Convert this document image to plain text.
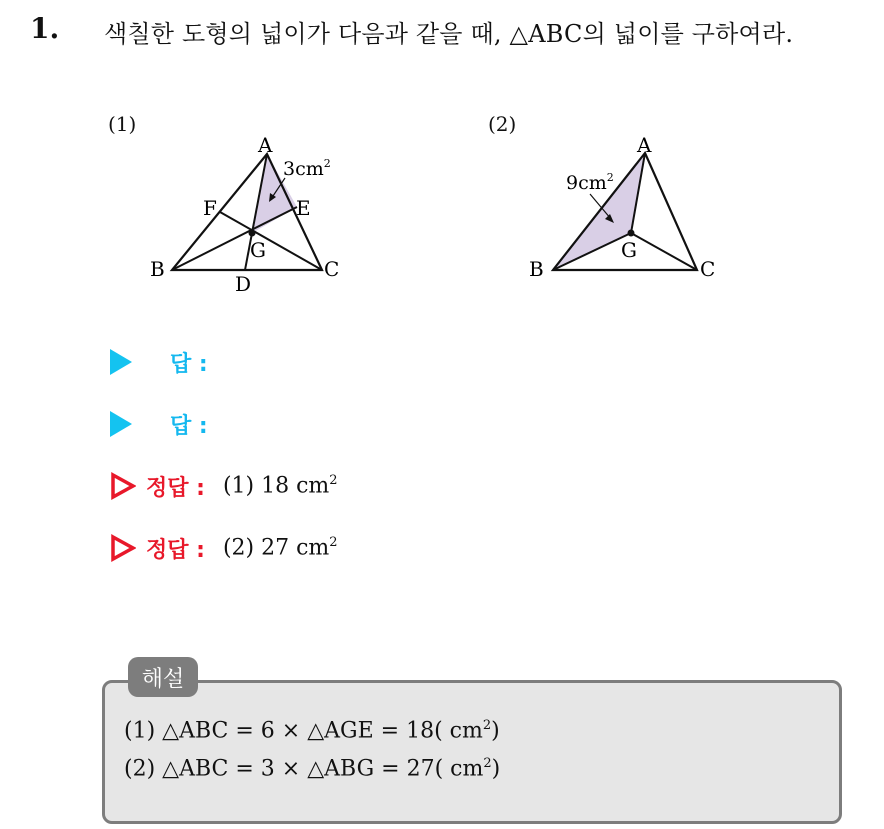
1. 색칠한 도형의 넓이가 다음과 같을 때, △ABC의 넓이를 구하여라.
(1)
A
B	C
D
E
F
G
$3cm^2$
(2)
A
B	C
G
$9cm^2$
답 :
답 :
정답 : (1) 18 $cm^2$
정답 : (2) 27 $cm^2$
해설
(1) △ABC = 6 × △AGE = 18( $cm^2$)
(2) △ABC = 3 × △ABG = 27( $cm^2$)
